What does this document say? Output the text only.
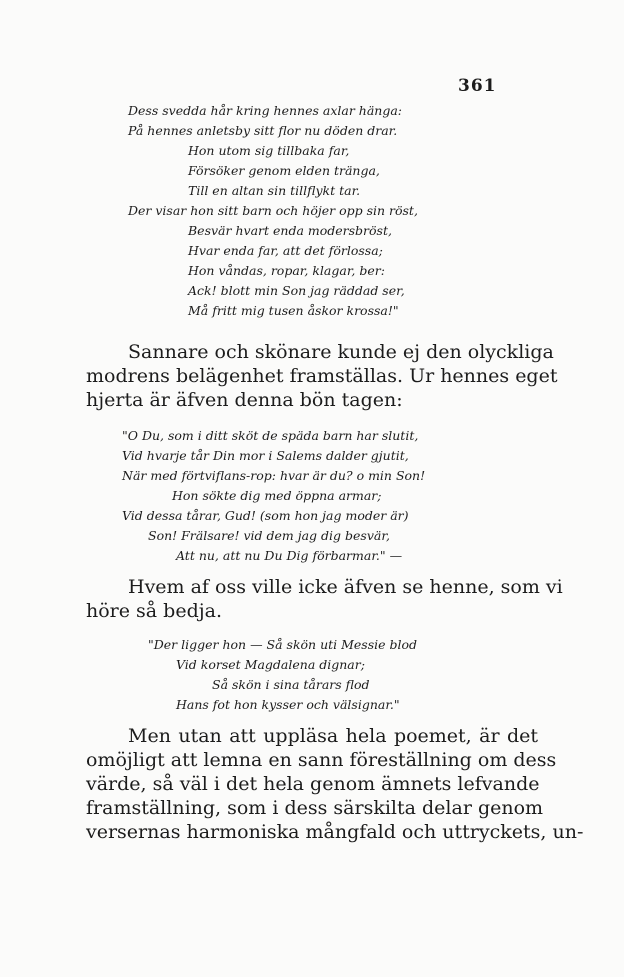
361
Dess svedda hår kring hennes axlar hänga:
På hennes anletsby sitt flor nu döden drar.
Hon utom sig tillbaka far,
Försöker genom elden tränga,
Till en altan sin tillflykt tar.
Der visar hon sitt barn och höjer opp sin röst,
Besvär hvart enda modersbröst,
Hvar enda far, att det förlossa;
Hon våndas, ropar, klagar, ber:
Ack! blott min Son jag räddad ser,
Må fritt mig tusen åskor krossa!"
Sannare och skönare kunde ej den olyckliga
modrens belägenhet framställas. Ur hennes eget
hjerta är äfven denna bön tagen:
"O Du, som i ditt sköt de späda barn har slutit,
Vid hvarje tår Din mor i Salems dalder gjutit,
När med förtviflans-rop: hvar är du? o min Son!
Hon sökte dig med öppna armar;
Vid dessa tårar, Gud! (som hon jag moder är)
Son! Frälsare! vid dem jag dig besvär,
Att nu, att nu Du Dig förbarmar." —
Hvem af oss ville icke äfven se henne, som vi
höre så bedja.
"Der ligger hon — Så skön uti Messie blod
Vid korset Magdalena dignar;
Så skön i sina tårars flod
Hans fot hon kysser och välsignar."
Men utan att uppläsa hela poemet, är det
omöjligt att lemna en sann föreställning om dess
värde, så väl i det hela genom ämnets lefvande
framställning, som i dess särskilta delar genom
versernas harmoniska mångfald och uttryckets, un-
